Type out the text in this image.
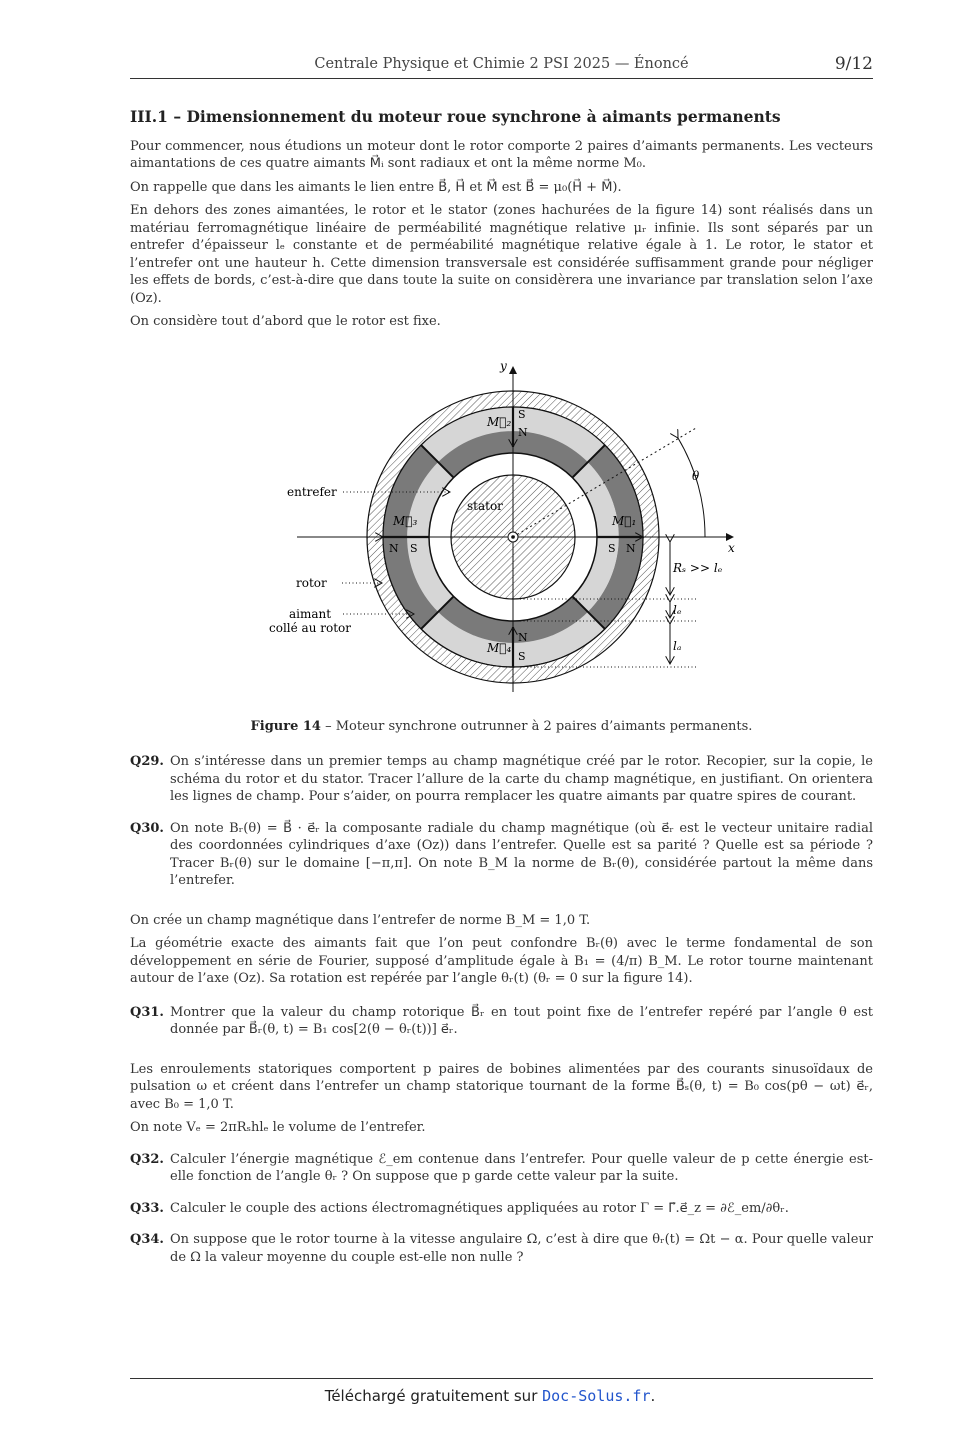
Centrale Physique et Chimie 2 PSI 2025 — Énoncé	9/12
III.1 – Dimensionnement du moteur roue synchrone à aimants permanents

Pour commencer, nous étudions un moteur dont le rotor comporte 2 paires d’aimants permanents. Les vecteurs aimantations de ces quatre aimants M⃗ᵢ sont radiaux et ont la même norme M₀.

On rappelle que dans les aimants le lien entre B⃗, H⃗ et M⃗ est B⃗ = μ₀(H⃗ + M⃗).

En dehors des zones aimantées, le rotor et le stator (zones hachurées de la figure 14) sont réalisés dans un matériau ferromagnétique linéaire de perméabilité magnétique relative μᵣ infinie. Ils sont séparés par un entrefer d’épaisseur lₑ constante et de perméabilité magnétique relative égale à 1. Le rotor, le stator et l’entrefer ont une hauteur h. Cette dimension transversale est considérée suffisamment grande pour négliger les effets de bords, c’est-à-dire que dans toute la suite on considèrera une invariance par translation selon l’axe (Oz).

On considère tout d’abord que le rotor est fixe.

x
y
θ
M⃗₂
M⃗₄
M⃗₃	M⃗₁
S
N
N
S
N S	S N
stator
entrefer
rotor
aimant
collé au rotor
Rₛ >> lₑ
lₑ
lₐ
Figure 14 – Moteur synchrone outrunner à 2 paires d’aimants permanents.
Q29. On s’intéresse dans un premier temps au champ magnétique créé par le rotor. Recopier, sur la copie, le schéma du rotor et du stator. Tracer l’allure de la carte du champ magnétique, en justifiant. On orientera les lignes de champ. Pour s’aider, on pourra remplacer les quatre aimants par quatre spires de courant.
Q30. On note Bᵣ(θ) = B⃗ · e⃗ᵣ la composante radiale du champ magnétique (où e⃗ᵣ est le vecteur unitaire radial des coordonnées cylindriques d’axe (Oz)) dans l’entrefer. Quelle est sa parité ? Quelle est sa période ? Tracer Bᵣ(θ) sur le domaine [−π,π]. On note B_M la norme de Bᵣ(θ), considérée partout la même dans l’entrefer.

On crée un champ magnétique dans l’entrefer de norme B_M = 1,0 T.

La géométrie exacte des aimants fait que l’on peut confondre Bᵣ(θ) avec le terme fondamental de son développement en série de Fourier, supposé d’amplitude égale à B₁ = (4/π) B_M. Le rotor tourne maintenant autour de l’axe (Oz). Sa rotation est repérée par l’angle θᵣ(t) (θᵣ = 0 sur la figure 14).

Q31. Montrer que la valeur du champ rotorique B⃗ᵣ en tout point fixe de l’entrefer repéré par l’angle θ est donnée par B⃗ᵣ(θ, t) = B₁ cos[2(θ − θᵣ(t))] e⃗ᵣ.

Les enroulements statoriques comportent p paires de bobines alimentées par des courants sinusoïdaux de pulsation ω et créent dans l’entrefer un champ statorique tournant de la forme B⃗ₛ(θ, t) = B₀ cos(pθ − ωt) e⃗ᵣ, avec B₀ = 1,0 T.

On note Vₑ = 2πRₛhlₑ le volume de l’entrefer.

Q32. Calculer l’énergie magnétique ℰ_em contenue dans l’entrefer. Pour quelle valeur de p cette énergie est-elle fonction de l’angle θᵣ ? On suppose que p garde cette valeur par la suite.
Q33. Calculer le couple des actions électromagnétiques appliquées au rotor Γ = Γ⃗.e⃗_z = ∂ℰ_em/∂θᵣ.
Q34. On suppose que le rotor tourne à la vitesse angulaire Ω, c’est à dire que θᵣ(t) = Ωt − α. Pour quelle valeur de Ω la valeur moyenne du couple est-elle non nulle ?
Téléchargé gratuitement sur Doc-Solus.fr.
